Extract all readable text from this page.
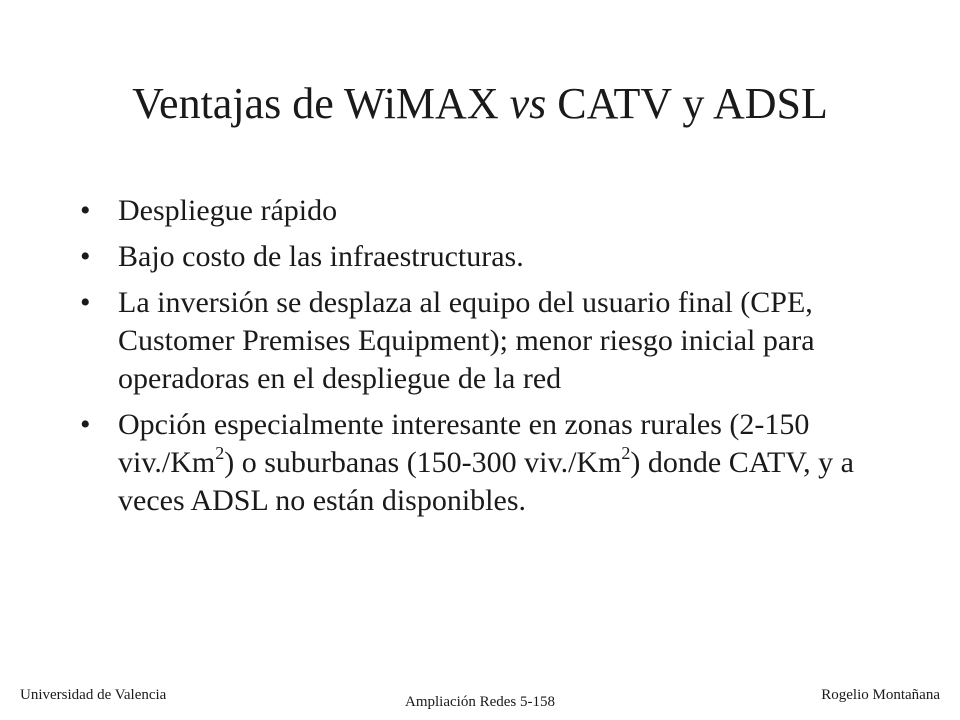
Ventajas de WiMAX vs CATV y ADSL
• Despliegue rápido
• Bajo costo de las infraestructuras.
• La inversión se desplaza al equipo del usuario final (CPE, Customer Premises Equipment); menor riesgo inicial para operadoras en el despliegue de la red
• Opción especialmente interesante en zonas rurales (2-150 viv./Km$^2$) o suburbanas (150-300 viv./Km$^2$) donde CATV, y a veces ADSL no están disponibles.
Universidad de Valencia	Ampliación Redes 5-158	Rogelio Montañana
